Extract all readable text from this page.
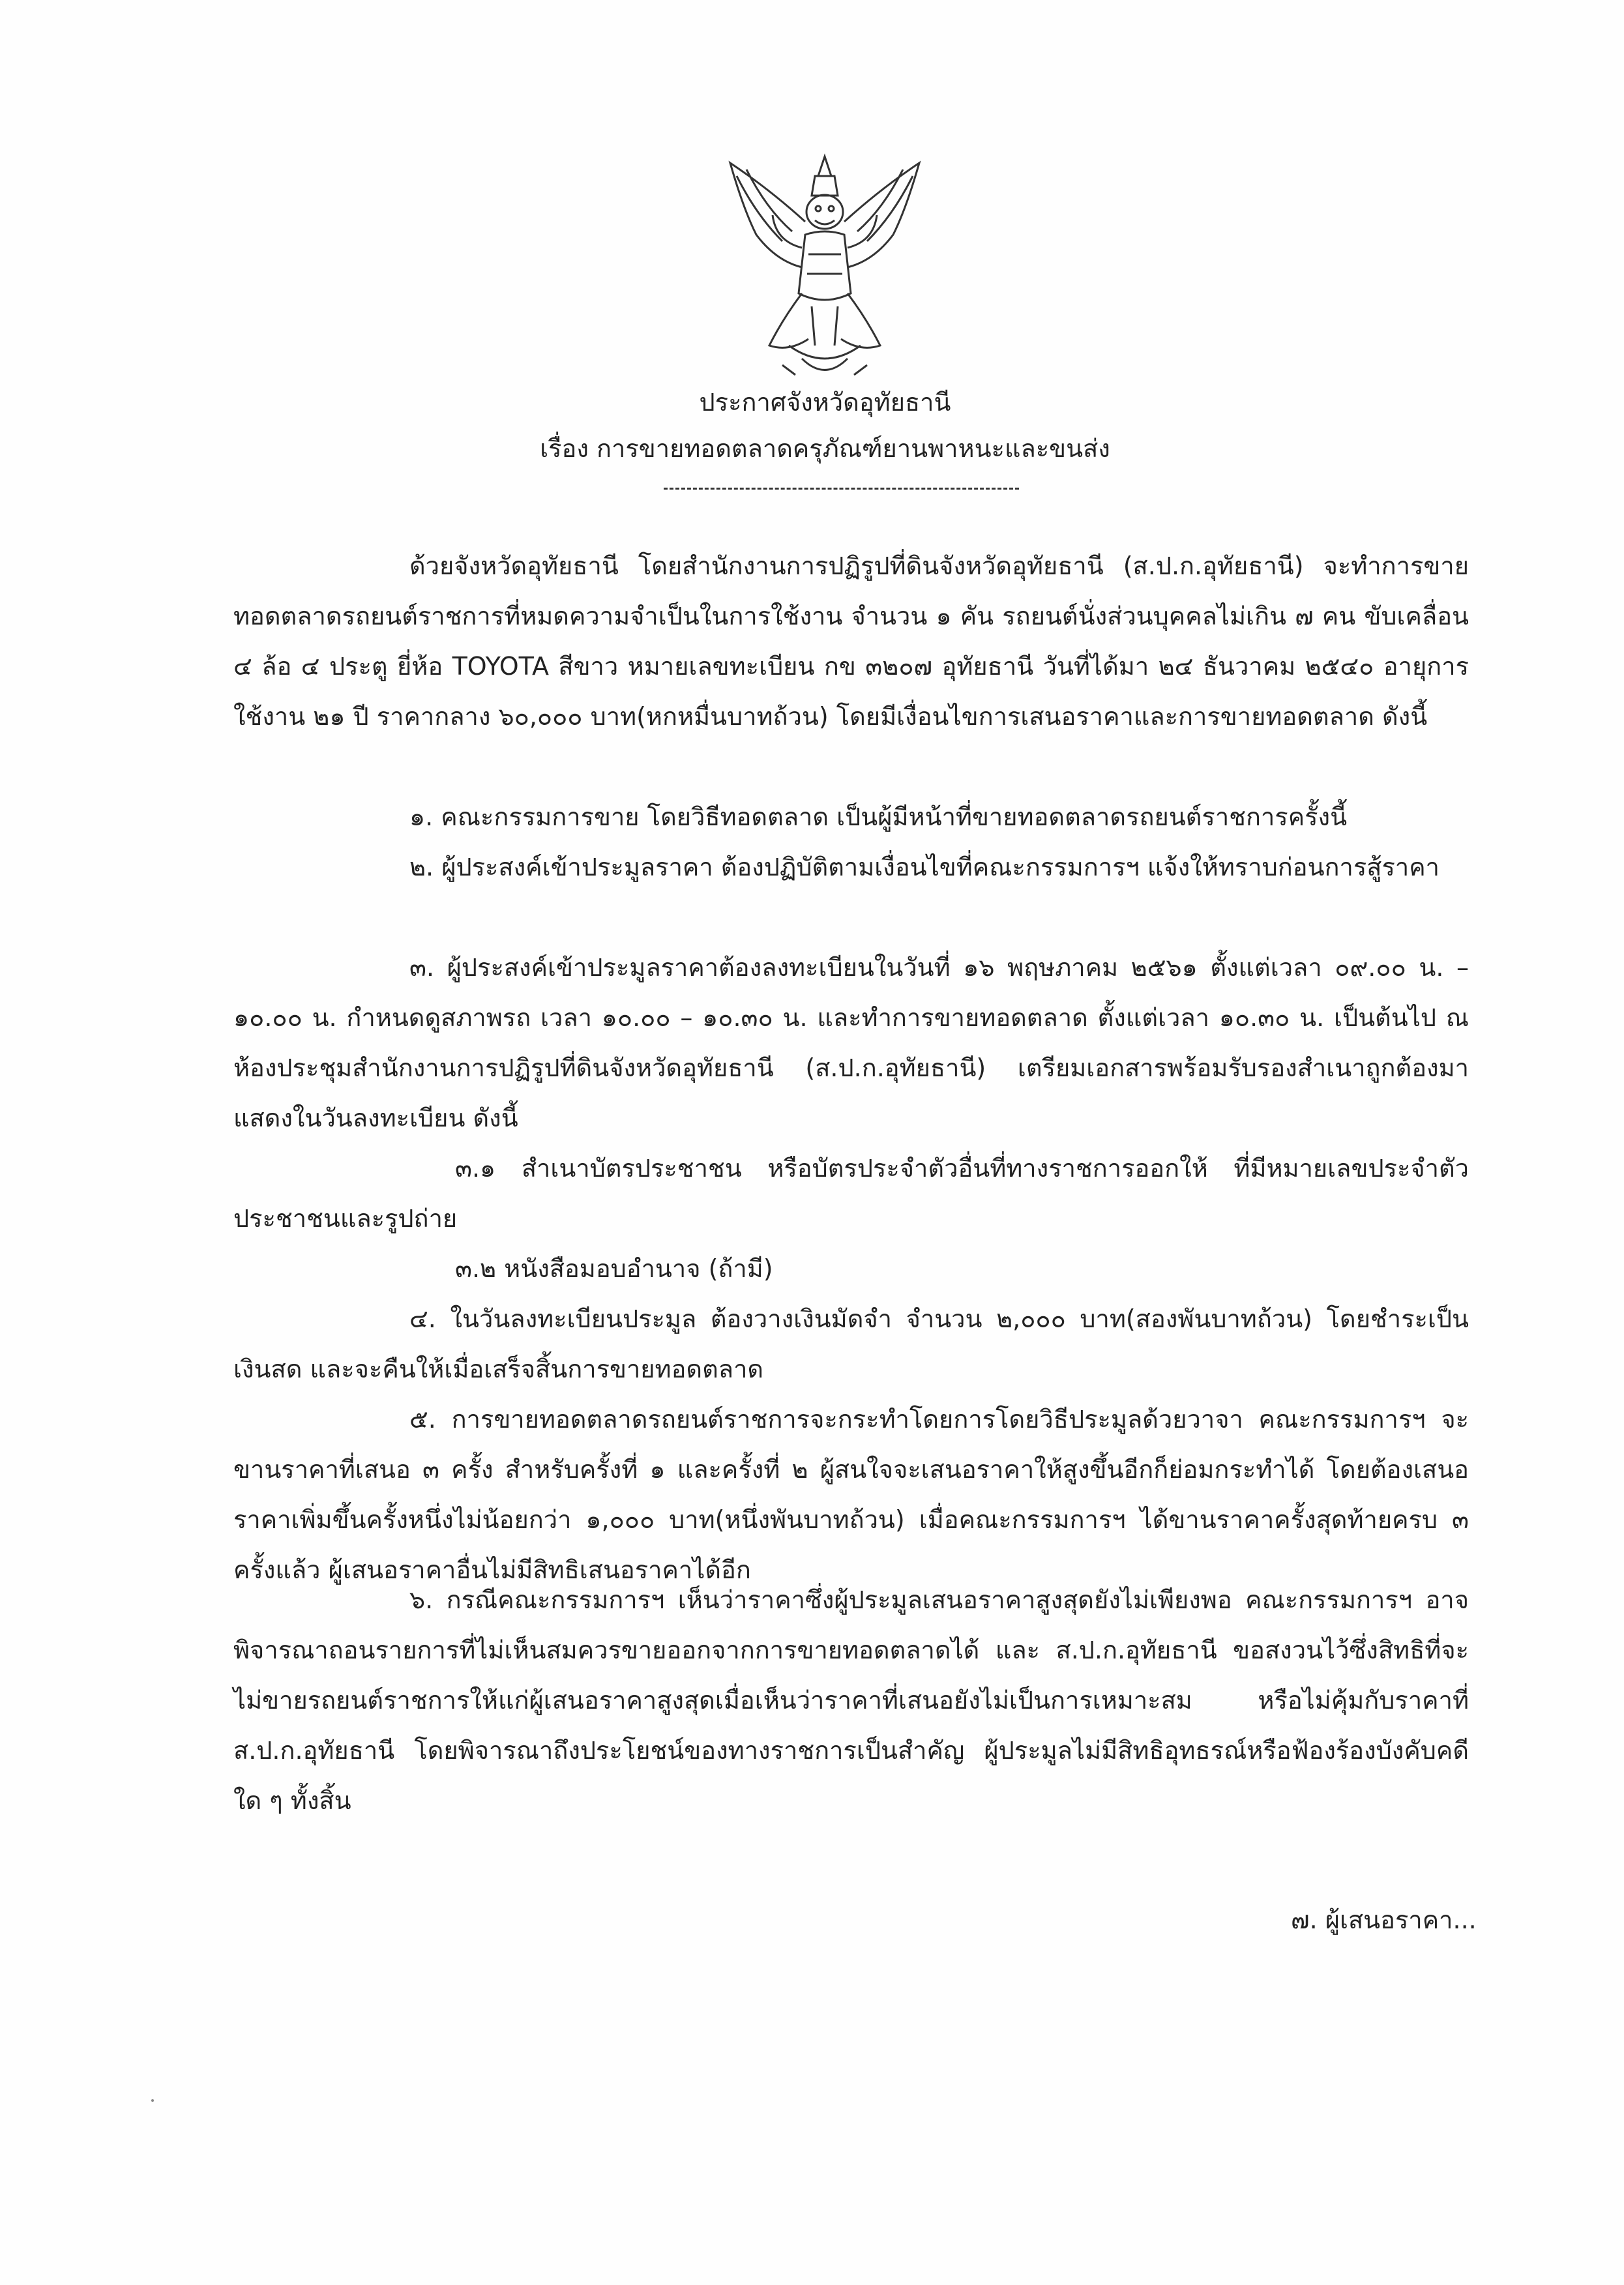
ประกาศจังหวัดอุทัยธานี
เรื่อง การขายทอดตลาดครุภัณฑ์ยานพาหนะและขนส่ง
ด้วยจังหวัดอุทัยธานี โดยสำนักงานการปฏิรูปที่ดินจังหวัดอุทัยธานี (ส.ป.ก.อุทัยธานี) จะทำการขายทอดตลาดรถยนต์ราชการที่หมดความจำเป็นในการใช้งาน จำนวน ๑ คัน รถยนต์นั่งส่วนบุคคลไม่เกิน ๗ คน ขับเคลื่อน ๔ ล้อ ๔ ประตู ยี่ห้อ TOYOTA สีขาว หมายเลขทะเบียน กข ๓๒๐๗ อุทัยธานี วันที่ได้มา ๒๔ ธันวาคม ๒๕๔๐ อายุการใช้งาน ๒๑ ปี ราคากลาง ๖๐,๐๐๐ บาท(หกหมื่นบาทถ้วน) โดยมีเงื่อนไขการเสนอราคาและการขายทอดตลาด ดังนี้
๑. คณะกรรมการขาย โดยวิธีทอดตลาด เป็นผู้มีหน้าที่ขายทอดตลาดรถยนต์ราชการครั้งนี้
๒. ผู้ประสงค์เข้าประมูลราคา ต้องปฏิบัติตามเงื่อนไขที่คณะกรรมการฯ แจ้งให้ทราบก่อนการสู้ราคา
๓. ผู้ประสงค์เข้าประมูลราคาต้องลงทะเบียนในวันที่ ๑๖ พฤษภาคม ๒๕๖๑ ตั้งแต่เวลา ๐๙.๐๐ น. – ๑๐.๐๐ น. กำหนดดูสภาพรถ เวลา ๑๐.๐๐ – ๑๐.๓๐ น. และทำการขายทอดตลาด ตั้งแต่เวลา ๑๐.๓๐ น. เป็นต้นไป ณ ห้องประชุมสำนักงานการปฏิรูปที่ดินจังหวัดอุทัยธานี (ส.ป.ก.อุทัยธานี) เตรียมเอกสารพร้อมรับรองสำเนาถูกต้องมาแสดงในวันลงทะเบียน ดังนี้
๓.๑ สำเนาบัตรประชาชน หรือบัตรประจำตัวอื่นที่ทางราชการออกให้ ที่มีหมายเลขประจำตัวประชาชนและรูปถ่าย
๓.๒ หนังสือมอบอำนาจ (ถ้ามี)
๔. ในวันลงทะเบียนประมูล ต้องวางเงินมัดจำ จำนวน ๒,๐๐๐ บาท(สองพันบาทถ้วน) โดยชำระเป็นเงินสด และจะคืนให้เมื่อเสร็จสิ้นการขายทอดตลาด
๕. การขายทอดตลาดรถยนต์ราชการจะกระทำโดยการโดยวิธีประมูลด้วยวาจา คณะกรรมการฯ จะขานราคาที่เสนอ ๓ ครั้ง สำหรับครั้งที่ ๑ และครั้งที่ ๒ ผู้สนใจจะเสนอราคาให้สูงขึ้นอีกก็ย่อมกระทำได้ โดยต้องเสนอราคาเพิ่มขึ้นครั้งหนึ่งไม่น้อยกว่า ๑,๐๐๐ บาท(หนึ่งพันบาทถ้วน) เมื่อคณะกรรมการฯ ได้ขานราคาครั้งสุดท้ายครบ ๓ ครั้งแล้ว ผู้เสนอราคาอื่นไม่มีสิทธิเสนอราคาได้อีก
๖. กรณีคณะกรรมการฯ เห็นว่าราคาซึ่งผู้ประมูลเสนอราคาสูงสุดยังไม่เพียงพอ คณะกรรมการฯ อาจพิจารณาถอนรายการที่ไม่เห็นสมควรขายออกจากการขายทอดตลาดได้ และ ส.ป.ก.อุทัยธานี ขอสงวนไว้ซึ่งสิทธิที่จะไม่ขายรถยนต์ราชการให้แก่ผู้เสนอราคาสูงสุดเมื่อเห็นว่าราคาที่เสนอยังไม่เป็นการเหมาะสม หรือไม่คุ้มกับราคาที่ ส.ป.ก.อุทัยธานี โดยพิจารณาถึงประโยชน์ของทางราชการเป็นสำคัญ ผู้ประมูลไม่มีสิทธิอุทธรณ์หรือฟ้องร้องบังคับคดีใด ๆ ทั้งสิ้น
๗. ผู้เสนอราคา...
